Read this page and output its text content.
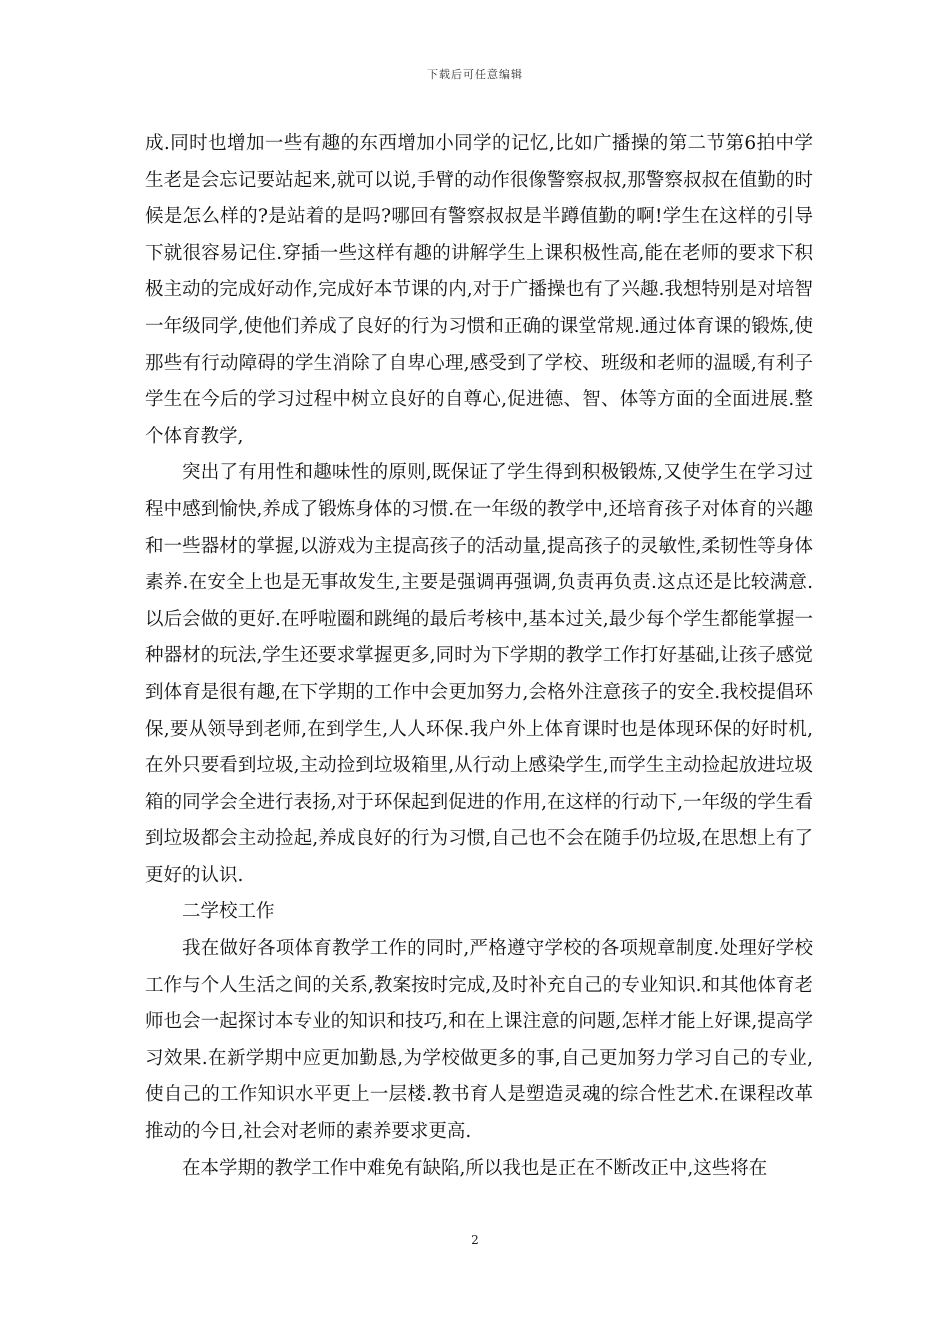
下载后可任意编辑

成.同时也增加一些有趣的东西增加小同学的记忆,比如广播操的第二节第6拍中学生老是会忘记要站起来,就可以说,手臂的动作很像警察叔叔,那警察叔叔在值勤的时候是怎么样的?是站着的是吗?哪回有警察叔叔是半蹲值勤的啊!学生在这样的引导下就很容易记住.穿插一些这样有趣的讲解学生上课积极性高,能在老师的要求下积极主动的完成好动作,完成好本节课的内,对于广播操也有了兴趣.我想特别是对培智一年级同学,使他们养成了良好的行为习惯和正确的课堂常规.通过体育课的锻炼,使那些有行动障碍的学生消除了自卑心理,感受到了学校、班级和老师的温暖,有利子学生在今后的学习过程中树立良好的自尊心,促进德、智、体等方面的全面进展.整个体育教学,

突出了有用性和趣味性的原则,既保证了学生得到积极锻炼,又使学生在学习过程中感到愉快,养成了锻炼身体的习惯.在一年级的教学中,还培育孩子对体育的兴趣和一些器材的掌握,以游戏为主提高孩子的活动量,提高孩子的灵敏性,柔韧性等身体素养.在安全上也是无事故发生,主要是强调再强调,负责再负责.这点还是比较满意.以后会做的更好.在呼啦圈和跳绳的最后考核中,基本过关,最少每个学生都能掌握一种器材的玩法,学生还要求掌握更多,同时为下学期的教学工作打好基础,让孩子感觉到体育是很有趣,在下学期的工作中会更加努力,会格外注意孩子的安全.我校提倡环保,要从领导到老师,在到学生,人人环保.我户外上体育课时也是体现环保的好时机,在外只要看到垃圾,主动捡到垃圾箱里,从行动上感染学生,而学生主动捡起放进垃圾箱的同学会全进行表扬,对于环保起到促进的作用,在这样的行动下,一年级的学生看到垃圾都会主动捡起,养成良好的行为习惯,自己也不会在随手仍垃圾,在思想上有了更好的认识.

二学校工作

我在做好各项体育教学工作的同时,严格遵守学校的各项规章制度.处理好学校工作与个人生活之间的关系,教案按时完成,及时补充自己的专业知识.和其他体育老师也会一起探讨本专业的知识和技巧,和在上课注意的问题,怎样才能上好课,提高学习效果.在新学期中应更加勤恳,为学校做更多的事,自己更加努力学习自己的专业,使自己的工作知识水平更上一层楼.教书育人是塑造灵魂的综合性艺术.在课程改革推动的今日,社会对老师的素养要求更高.

在本学期的教学工作中难免有缺陷,所以我也是正在不断改正中,这些将在

2
